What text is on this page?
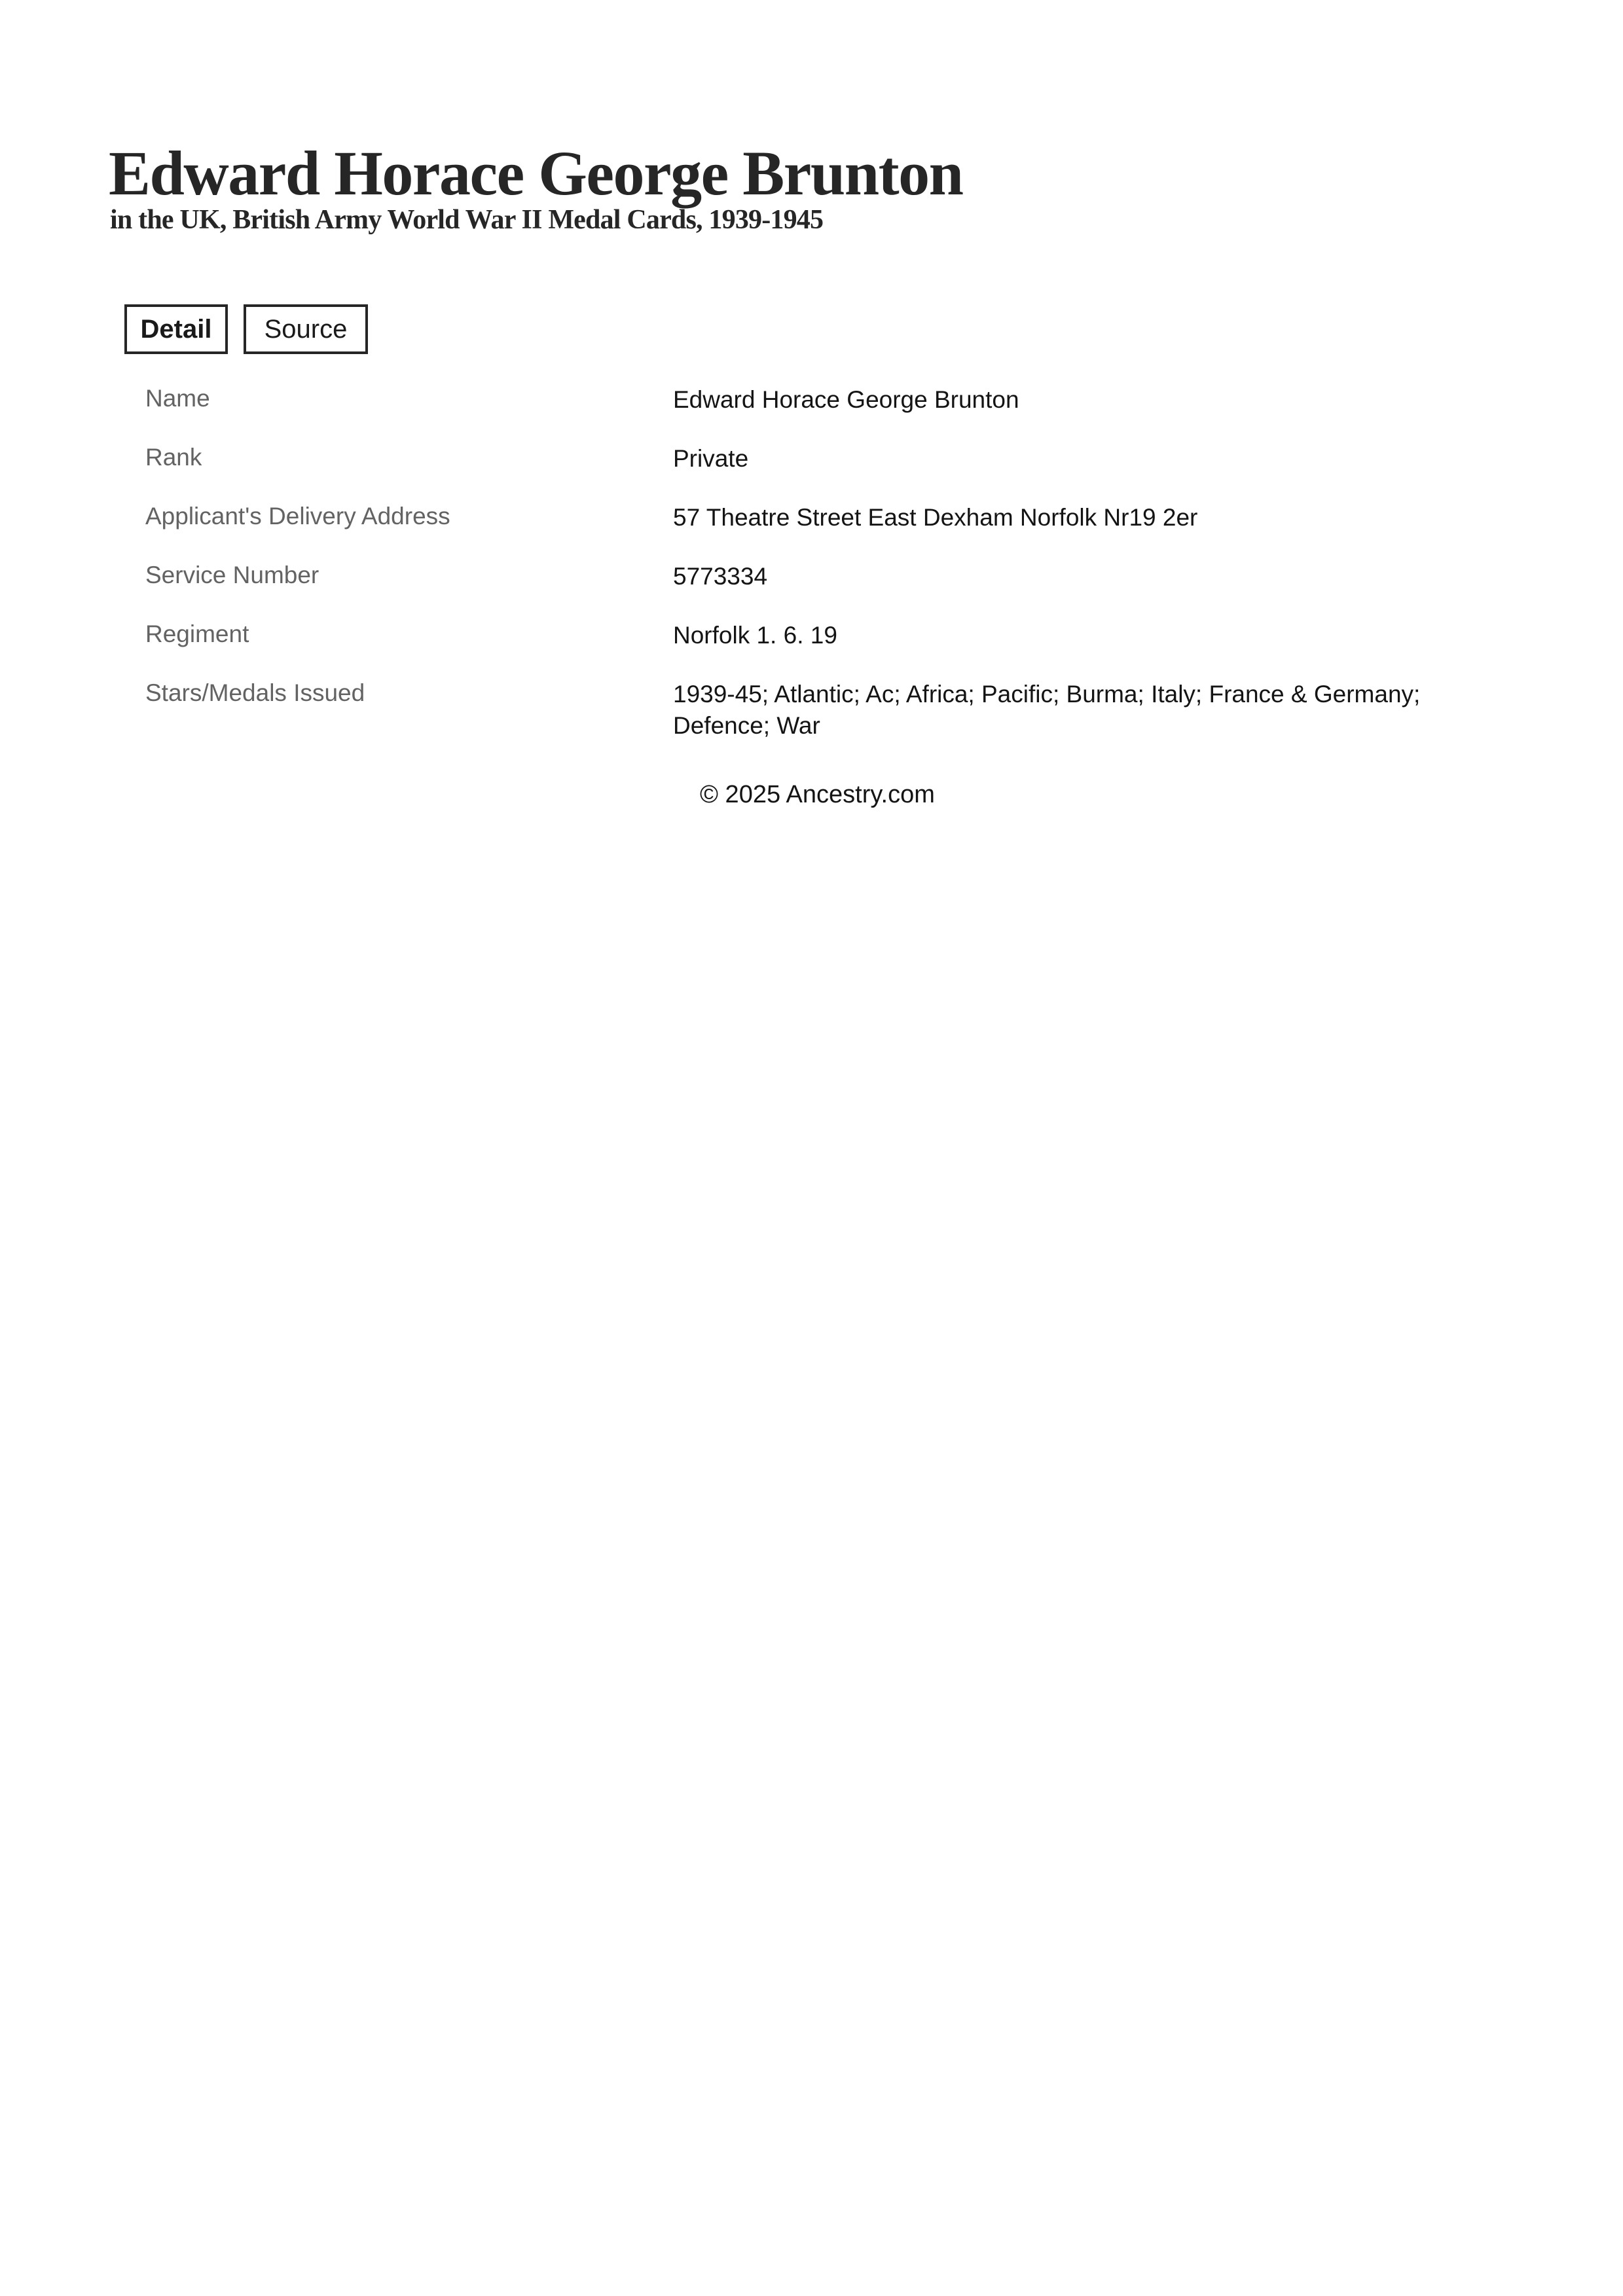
Edward Horace George Brunton
in the UK, British Army World War II Medal Cards, 1939-1945
Detail	Source
Name	Edward Horace George Brunton
Rank	Private
Applicant's Delivery Address	57 Theatre Street East Dexham Norfolk Nr19 2er
Service Number	5773334
Regiment	Norfolk 1. 6. 19
Stars/Medals Issued	1939-45; Atlantic; Ac; Africa; Pacific; Burma; Italy; France & Germany; Defence; War
© 2025 Ancestry.com
